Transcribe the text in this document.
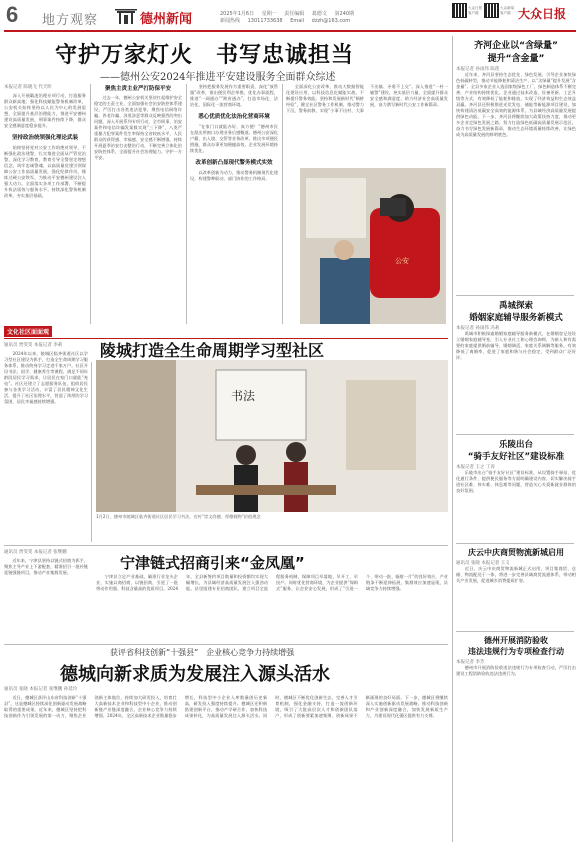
6 地方观察	德州新闻	2025年1月6日 星期一 责任编辑 葛德文 第240期
新闻热线 13011733638 Email dzzh@163.com
大众日报客户端
大众新闻客户端 大众日报
守护万家灯火　书写忠诚担当
——德州公安2024年推进平安建设服务全面群众综述
本报记者 陈晓飞 代天昕
　　深入开展霸凌治理专项行动，打造服务群众新高地；强化科技赋能警务机制改革，公安机关始终坚持以人民为中心的发展思想，全面提升基层治理能力，推进平安德州建设高质量发展，刑事案件持续下降，群众安全感满意度稳步提升。
坚持政治统领强化理论武装
　　始终坚持党对公安工作的绝对领导，不断强化政治建警，扎实推进全面从严管党治警，深化学习教育，教育引导全警坚定理想信念，筑牢忠诚警魂，以高质量党建引领保障公安工作高质量发展，强化纪律作风，锤炼过硬公安铁军，为推动平安德州建设注入强大动力。全面落实各项工作部署，不断提升执法质效与服务水平。持续深化警务机制改革，夯实基层基础。
聚焦主责主业严打防保平安
　　过去一年，德州公安机关坚决扛起维护安全稳定的主责主业，全面加强社会治安防控体系建设，严厉打击各类违法犯罪，聚焦电信网络诈骗、养老诈骗、涉黑涉恶等群众反映强烈的突出问题，深入开展系列专项行动，全市刑事、治安案件和电信诈骗发案数实现“三下降”，八类严重暴力犯罪案件发生率保持全省较低水平，人民群众的获得感、幸福感、安全感不断增强。持续开展夏季治安打击整治行动，不断完善立体化治安防控体系，全面提升社会治理能力，守护一方平安。
　　坚持把服务发展作为重要职责，深化“放管服”改革，推出便民利企举措，优化办事流程，推进“一网通办”“跨省通办”，打造市场化、法治化、国际化一流营商环境。
悉心优质优化法治化营商环境
　　“在家门口就能办好，真方便！”德州市民在派出所窗口办理业务后感慨道。德州公安深化户籍、出入境、交管等业务改革，推出多项便民措施，群众办事更加便捷高效，企业发展环境持续优化。
改革创新凸显现代警务模式实效
　　以改革创新为动力，推动警务机制现代化建设，构建警种联动、部门协作的工作格局。
　　全面深化公安改革，推动大数据智能化建设应用，以科技信息化赋能实战，不断提升警务效能。坚持和发展新时代“枫桥经验”，健全社区警务工作机制，推动警力下沉、警务前移，实现“小事不出村、大事不出镇、矛盾不上交”。深入推进“一村一辅警”建设，充实基层力量，全面提升群众安全感和满意度，助力经济社会高质量发展，奋力谱写新时代公安工作新篇章。
公安
文化社区面面观
陵城打造全生命周期学习型社区
通讯员 贾雯雯 本报记者 李莉
　　2024年以来，陵城区临齐街道社区以学习型社区建设为抓手，打造全生命周期学习服务体系，推动终身学习走进千家万户。社区开设书法、国学、健康养生等课程，满足不同年龄段居民学习需求，让居民在家门口就能“充电”。社区还建立了志愿服务队伍，组织居民参与各类学习活动，丰富了居民精神文化生活，提升了社区治理水平，营造了浓厚的学习氛围，居民幸福感持续增强。	书法
1月2日，德州市陵城区临齐街道社区居民学习书法，宣传“崇文尚德、厚德载物”价值理念
通讯员 贾雯雯 本报记者 张继鹏
　　近年来，宁津县坚持以链式招商为抓手，聚焦主导产业上下游配套，精准招引一批补链延链强链项目，推动产业集群发展。
宁津链式招商引来“金凤凰”
　　宁津县立足产业基础，瞄准行业龙头企业，实施以商招商、以链招商，引进了一批带动作用强、科技含量高的优质项目。2024年，全县新签约项目数量和投资额均实现大幅增长，为县域经济高质量发展注入强劲动能。县里组建专业招商团队，建立项目全流程服务机制，保障项目早落地、早开工、早投产。同时优化营商环境，为企业提供“保姆式”服务，让企业安心发展，形成了“引进一个、带动一批、辐射一片”的良好效应，产业链条不断延伸拓展，集群效应加速显现，县域竞争力持续增强。
获评省科技创新“十强县”　企业核心竞争力持续增强
德城向新求质为发展注入源头活水
通讯员 张晓 本报记者 张继鹏 孙延玲
　　近日，德城区获评山东省科技创新“十强县”，这是德城区持续深化创新驱动发展战略取得的重要成果。近年来，德城区坚持把科技创新作为引领发展的第一动力，聚焦企业创新主体地位，持续加大研发投入，培育壮大高新技术企业和科技型中小企业，推动创新链产业链深度融合，企业核心竞争力持续增强。2024年，全区高新技术企业数量稳步增长，科技型中小企业入库数量创历史新高，研发投入强度持续提升。德城区还积极搭建创新平台，推动产学研合作，加快科技成果转化，为高质量发展注入源头活水。同时，德城区不断优化创新生态，完善人才引育机制，强化金融支持，打造一流创新环境，吸引了大批高层次人才和创新团队落户，形成了创新要素加速集聚、创新成果不断涌现的良好局面。下一步，德城区将继续深入实施创新驱动发展战略，推动科技创新和产业创新深度融合，加快发展新质生产力，为建设现代化强区提供有力支撑。
齐河企业以“含绿量”
提升“含金量”
本报记者 孙雨伟 陈莲
　　近年来，齐河县坚持生态优先、绿色发展，引导企业加快绿色低碳转型，推动节能降耗和清洁生产，以“含绿量”提升发展“含金量”。全县多家企业入选国家级绿色工厂，绿色制造体系不断完善，产业结构持续优化。企业通过技术改造、设备更新、工艺升级等方式，有效降低了能耗和排放，实现了经济效益和生态效益双赢。齐河县还积极推进光伏发电、储能等新能源项目建设，加快构建清洁低碳安全高效的能源体系，为县域经济高质量发展提供绿色动能。下一步，齐河县将继续加大政策扶持力度，推动更多企业走绿色发展之路，努力打造绿色低碳高质量发展示范区，奋力书写绿色发展新篇章，推动生态环境质量持续改善，让绿色成为高质量发展的鲜明底色。
禹城探索
婚姻家庭辅导服务新模式
本报记者 孙雨伟 冯莉
　　禹城市积极探索婚姻家庭辅导服务新模式，在婚姻登记处设立婚姻家庭辅导室，引入专业社工和心理咨询师，为新人和有需要的家庭提供婚前辅导、婚姻调适、家庭关系调解等服务，有效降低了离婚率，促进了家庭和谐与社会稳定，受到群众广泛好评。
乐陵出台
“骑手友好社区”建设标准
本报记者 王之 丁涛
　　乐陵市出台“骑手友好社区”建设标准，从设置骑手驿站、优化通行条件、提供便民服务等方面明确建设内容，切实解决骑手进社区难、停车难、休息难等问题，营造关心关爱新就业群体的良好氛围。
庆云中庆商贸物流新城启用
通讯员 张晓 本报记者 王义
　　近日，庆云中庆商贸物流新城正式启用，项目集商贸、仓储、物流配送于一体，将进一步完善县域商贸流通体系，带动相关产业发展，促进城乡消费提质扩容。
德州开展消防验收
违法违规行为专项检查行动
本报记者 李芳
　　德州市开展消防验收违法违规行为专项检查行动，严厉打击建设工程消防验收违法违规行为。
